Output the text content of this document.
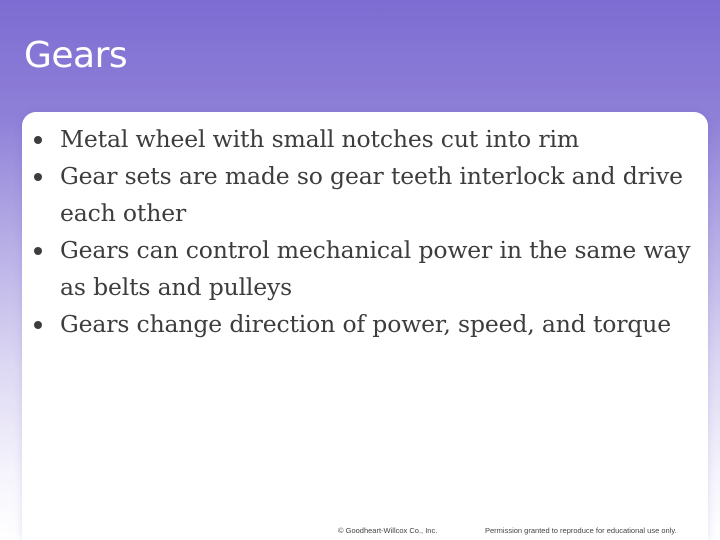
Gears
Metal wheel with small notches cut into rim
Gear sets are made so gear teeth interlock and drive each other
Gears can control mechanical power in the same way as belts and pulleys
Gears change direction of power, speed, and torque
© Goodheart-Willcox Co., Inc.	Permission granted to reproduce for educational use only.
